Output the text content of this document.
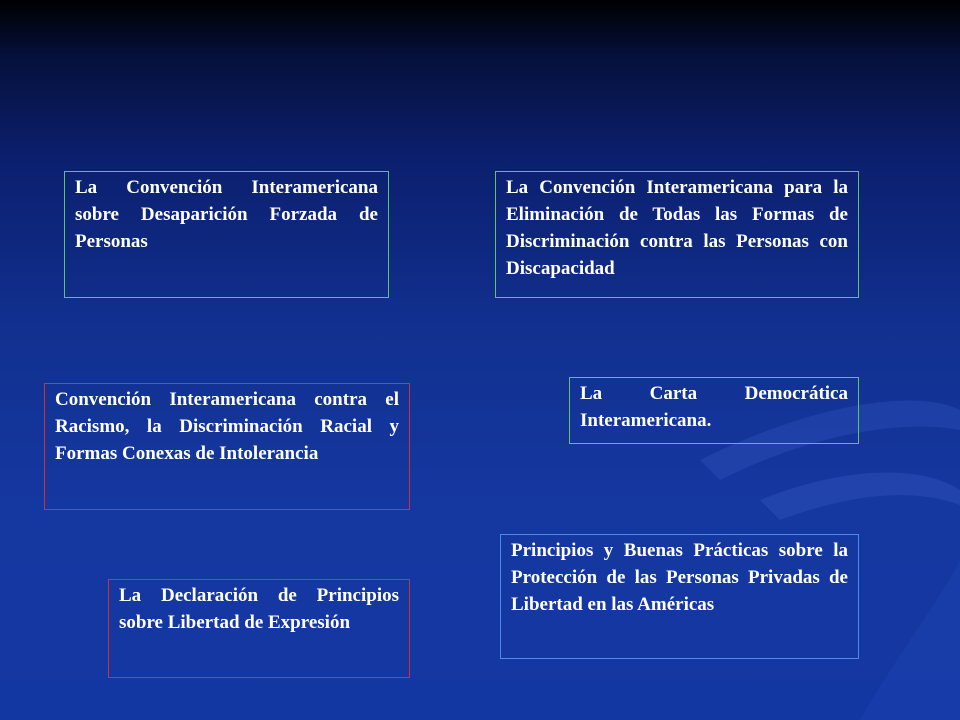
La Convención Interamericana sobre Desaparición Forzada de Personas
La Convención Interamericana para la Eliminación de Todas las Formas de Discriminación contra las Personas con Discapacidad
Convención Interamericana contra el Racismo, la Discriminación Racial y Formas Conexas de Intolerancia
La Carta Democrática Interamericana.
La Declaración de Principios sobre Libertad de Expresión
Principios y Buenas Prácticas sobre la Protección de las Personas Privadas de Libertad en las Américas
